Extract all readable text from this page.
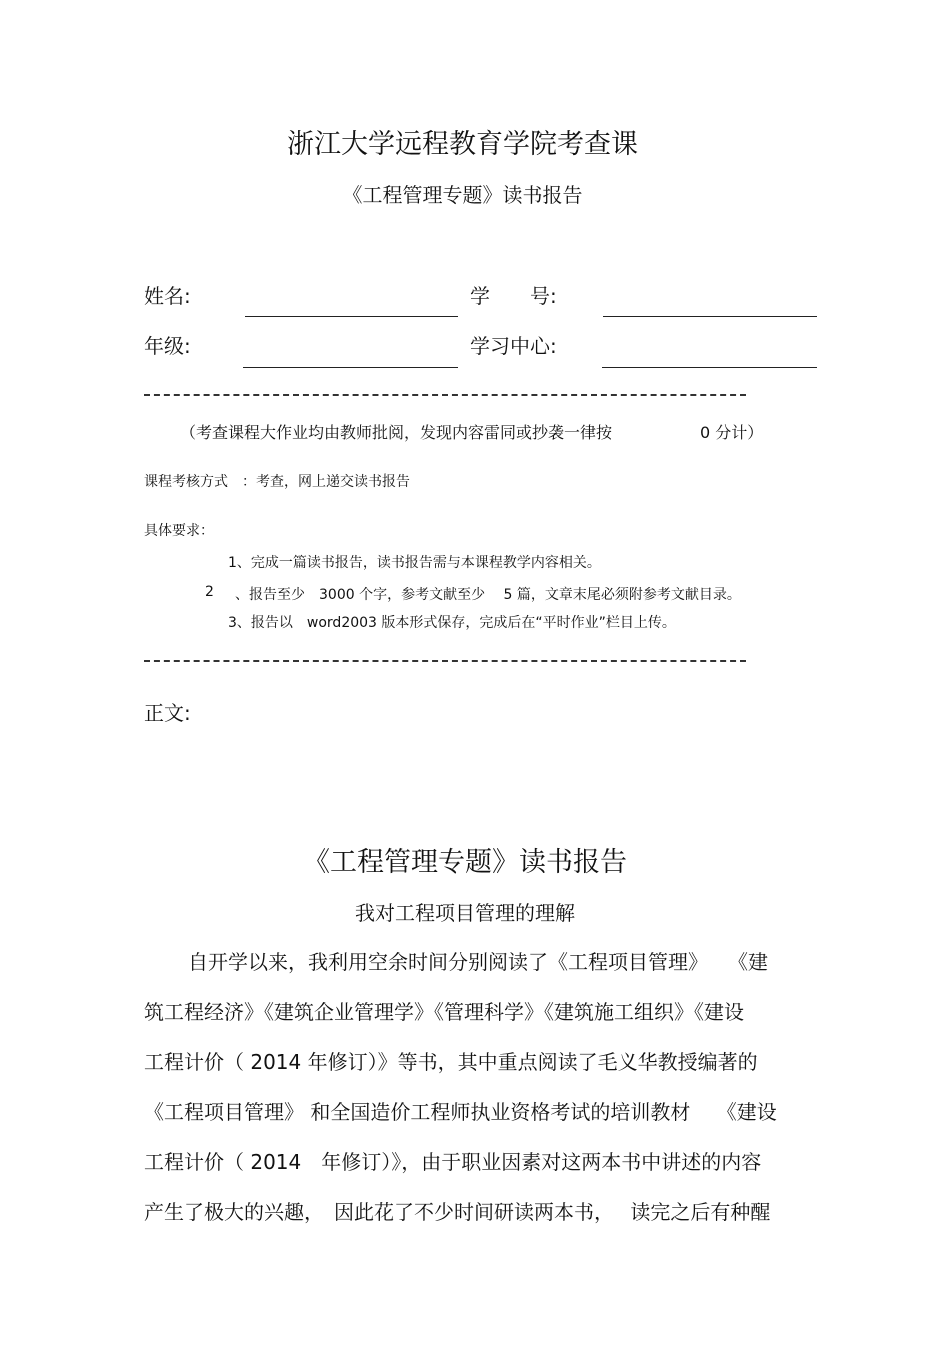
浙江大学远程教育学院考查课
《工程管理专题》读书报告
姓名:	学　　号:
年级:	学习中心:
（考查课程大作业均由教师批阅，发现内容雷同或抄袭一律按	0 分计）
课程考核方式　：考查，网上递交读书报告
具体要求：
1、完成一篇读书报告，读书报告需与本课程教学内容相关。
2 、报告至少　3000 个字，参考文献至少　 5 篇，文章末尾必须附参考文献目录。
3、报告以　word2003 版本形式保存，完成后在“平时作业”栏目上传。
正文:
《工程管理专题》读书报告
我对工程项目管理的理解
自开学以来，我利用空余时间分别阅读了《工程项目管理》　　《建
筑工程经济》《建筑企业管理学》《管理科学》《建筑施工组织》《建设
工程计价（ 2014 年修订）》等书，其中重点阅读了毛义华教授编著的
《工程项目管理》 和全国造价工程师执业资格考试的培训教材　 《建设
工程计价（ 2014　年修订）》，由于职业因素对这两本书中讲述的内容
产生了极大的兴趣，　因此花了不少时间研读两本书，　 读完之后有种醒
